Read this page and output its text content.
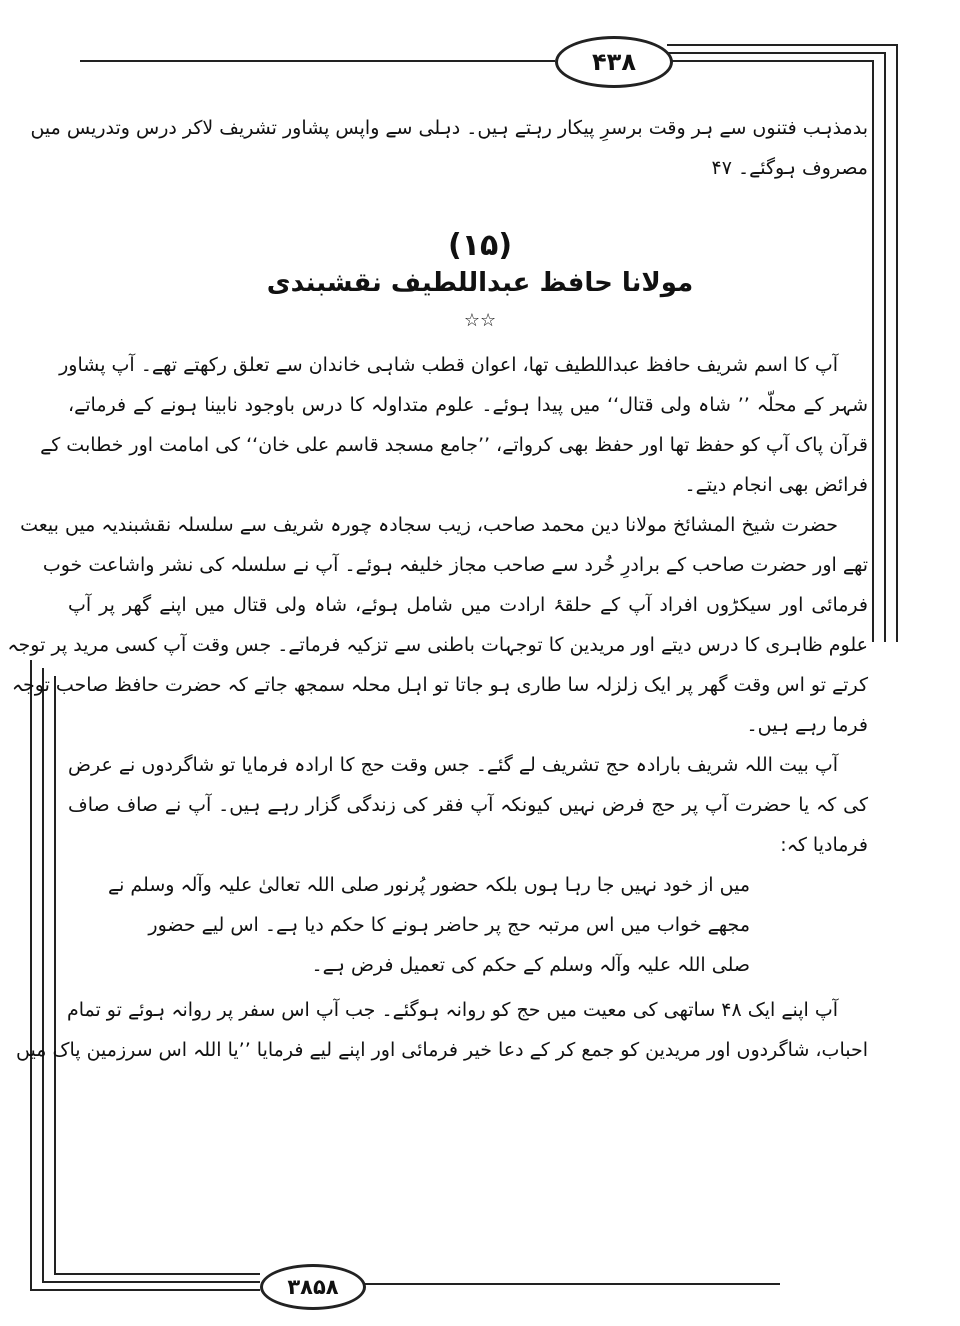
۴۳۸
۳۸۵۸
بدمذہب فتنوں سے ہر وقت برسرِ پیکار رہتے ہیں۔ دہلی سے واپس پشاور تشریف لاکر درس وتدریس میں
مصروف ہوگئے۔ ۴۷
(۱۵)
مولانا حافظ عبداللطیف نقشبندی
☆☆
آپ کا اسم شریف حافظ عبداللطیف تھا، اعوان قطب شاہی خاندان سے تعلق رکھتے تھے۔ آپ پشاور
شہر کے محلّہ ’’ شاہ ولی قتال‘‘ میں پیدا ہوئے۔ علوم متداولہ کا درس باوجود نابینا ہونے کے فرماتے،
قرآن پاک آپ کو حفظ تھا اور حفظ بھی کرواتے، ’’جامع مسجد قاسم علی خان‘‘ کی امامت اور خطابت کے
فرائض بھی انجام دیتے۔
حضرت شیخ المشائخ مولانا دین محمد صاحب، زیب سجادہ چورہ شریف سے سلسلہ نقشبندیہ میں بیعت
تھے اور حضرت صاحب کے برادرِ خُرد سے صاحب مجاز خلیفہ ہوئے۔ آپ نے سلسلہ کی نشر واشاعت خوب
فرمائی اور سیکڑوں افراد آپ کے حلقۂ ارادت میں شامل ہوئے، شاہ ولی قتال میں اپنے گھر پر آپ
علوم ظاہری کا درس دیتے اور مریدین کا توجہات باطنی سے تزکیہ فرماتے۔ جس وقت آپ کسی مرید پر توجہ
کرتے تو اس وقت گھر پر ایک زلزلہ سا طاری ہو جاتا تو اہل محلہ سمجھ جاتے کہ حضرت حافظ صاحب توجہ
فرما رہے ہیں۔
آپ بیت اللہ شریف بارادہ حج تشریف لے گئے۔ جس وقت حج کا ارادہ فرمایا تو شاگردوں نے عرض
کی کہ یا حضرت آپ پر حج فرض نہیں کیونکہ آپ فقر کی زندگی گزار رہے ہیں۔ آپ نے صاف صاف
فرمادیا کہ:
میں از خود نہیں جا رہا ہوں بلکہ حضور پُرنور صلی اللہ تعالیٰ علیہ وآلہ وسلم نے
مجھے خواب میں اس مرتبہ حج پر حاضر ہونے کا حکم دیا ہے۔ اس لیے حضور
صلی اللہ علیہ وآلہ وسلم کے حکم کی تعمیل فرض ہے۔
آپ اپنے ایک ۴۸ ساتھی کی معیت میں حج کو روانہ ہوگئے۔ جب آپ اس سفر پر روانہ ہوئے تو تمام
احباب، شاگردوں اور مریدین کو جمع کر کے دعا خیر فرمائی اور اپنے لیے فرمایا ’’یا اللہ اس سرزمین پاک میں
